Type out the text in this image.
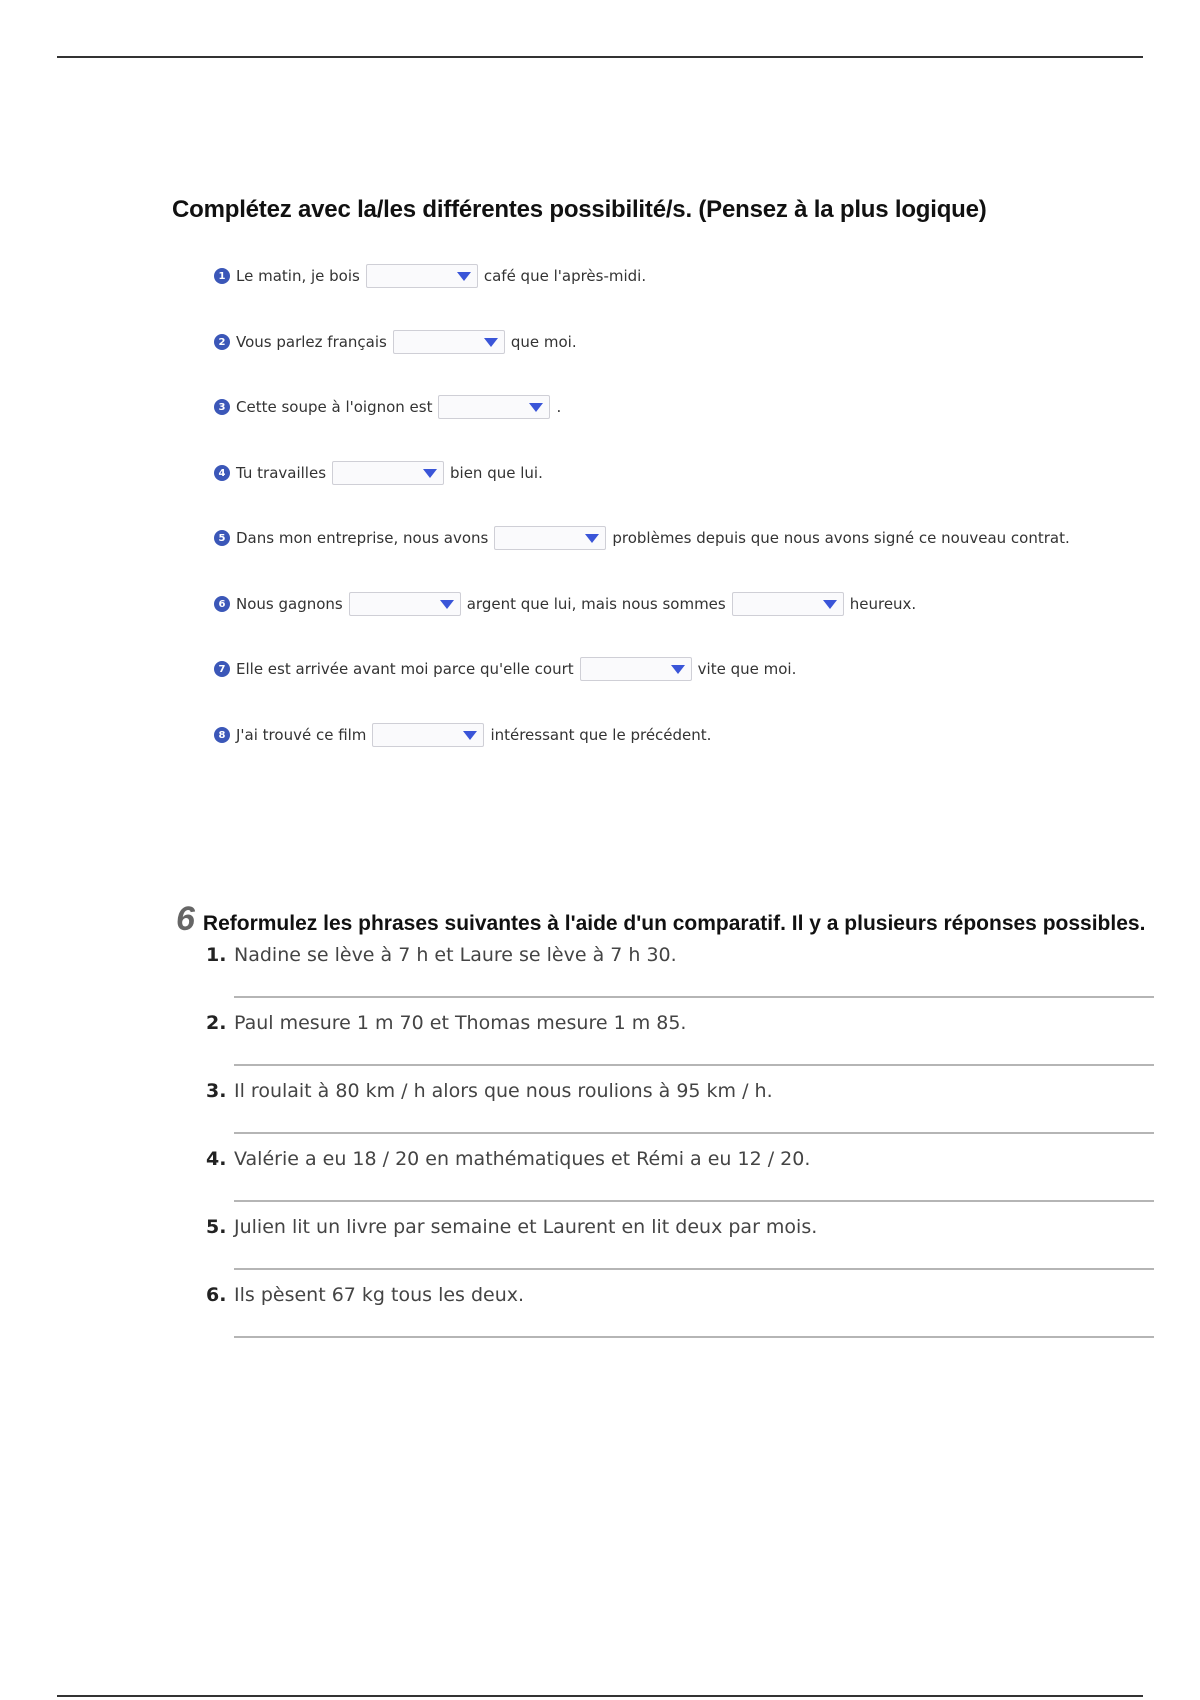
Complétez avec la/les différentes possibilité/s. (Pensez à la plus logique)
1 Le matin, je bois	café que l'après-midi.
2 Vous parlez français	que moi.
3 Cette soupe à l'oignon est	.
4 Tu travailles	bien que lui.
5 Dans mon entreprise, nous avons	problèmes depuis que nous avons signé ce nouveau contrat.
6 Nous gagnons	argent que lui, mais nous sommes	heureux.
7 Elle est arrivée avant moi parce qu'elle court	vite que moi.
8 J'ai trouvé ce film	intéressant que le précédent.
6 Reformulez les phrases suivantes à l'aide d'un comparatif. Il y a plusieurs réponses possibles.
1. Nadine se lève à 7 h et Laure se lève à 7 h 30.
2. Paul mesure 1 m 70 et Thomas mesure 1 m 85.
3. Il roulait à 80 km / h alors que nous roulions à 95 km / h.
4. Valérie a eu 18 / 20 en mathématiques et Rémi a eu 12 / 20.
5. Julien lit un livre par semaine et Laurent en lit deux par mois.
6. Ils pèsent 67 kg tous les deux.
